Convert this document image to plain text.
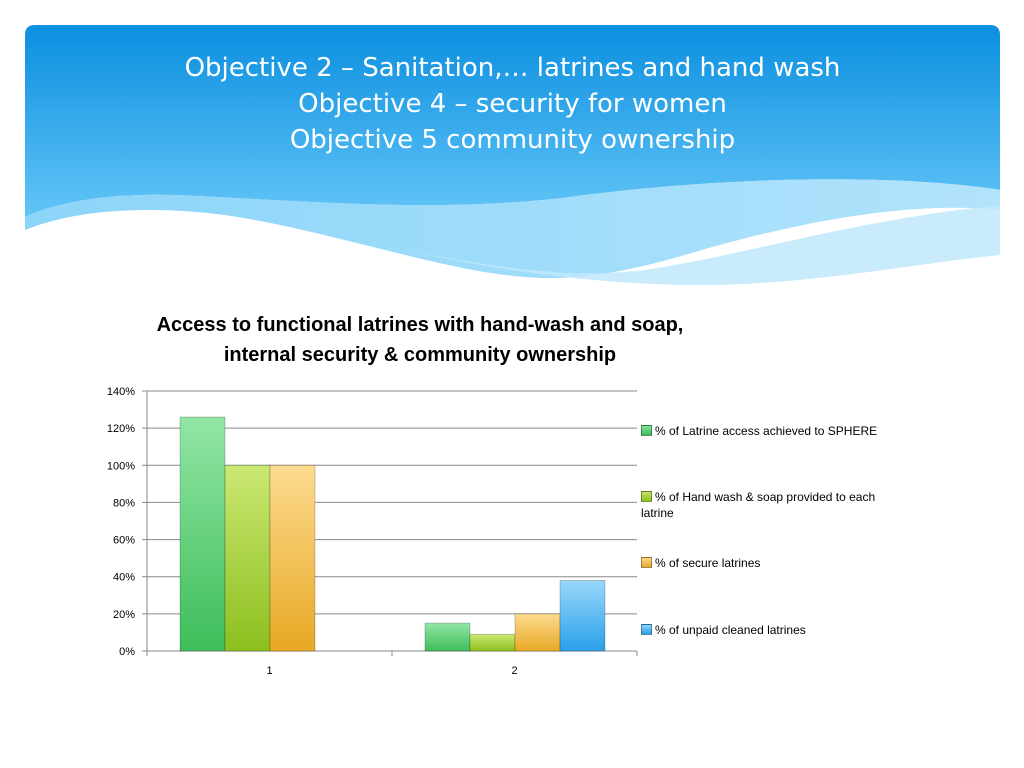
Objective 2 – Sanitation,… latrines and hand wash
Objective 4 – security for women
Objective 5 community ownership
Access to functional latrines with hand-wash and soap,
internal security & community ownership
0%
20%
40%
60%
80%
100%
120%
140%
1	2
% of Latrine access achieved to SPHERE
% of Hand wash & soap provided to each latrine
% of secure latrines
% of unpaid cleaned latrines
